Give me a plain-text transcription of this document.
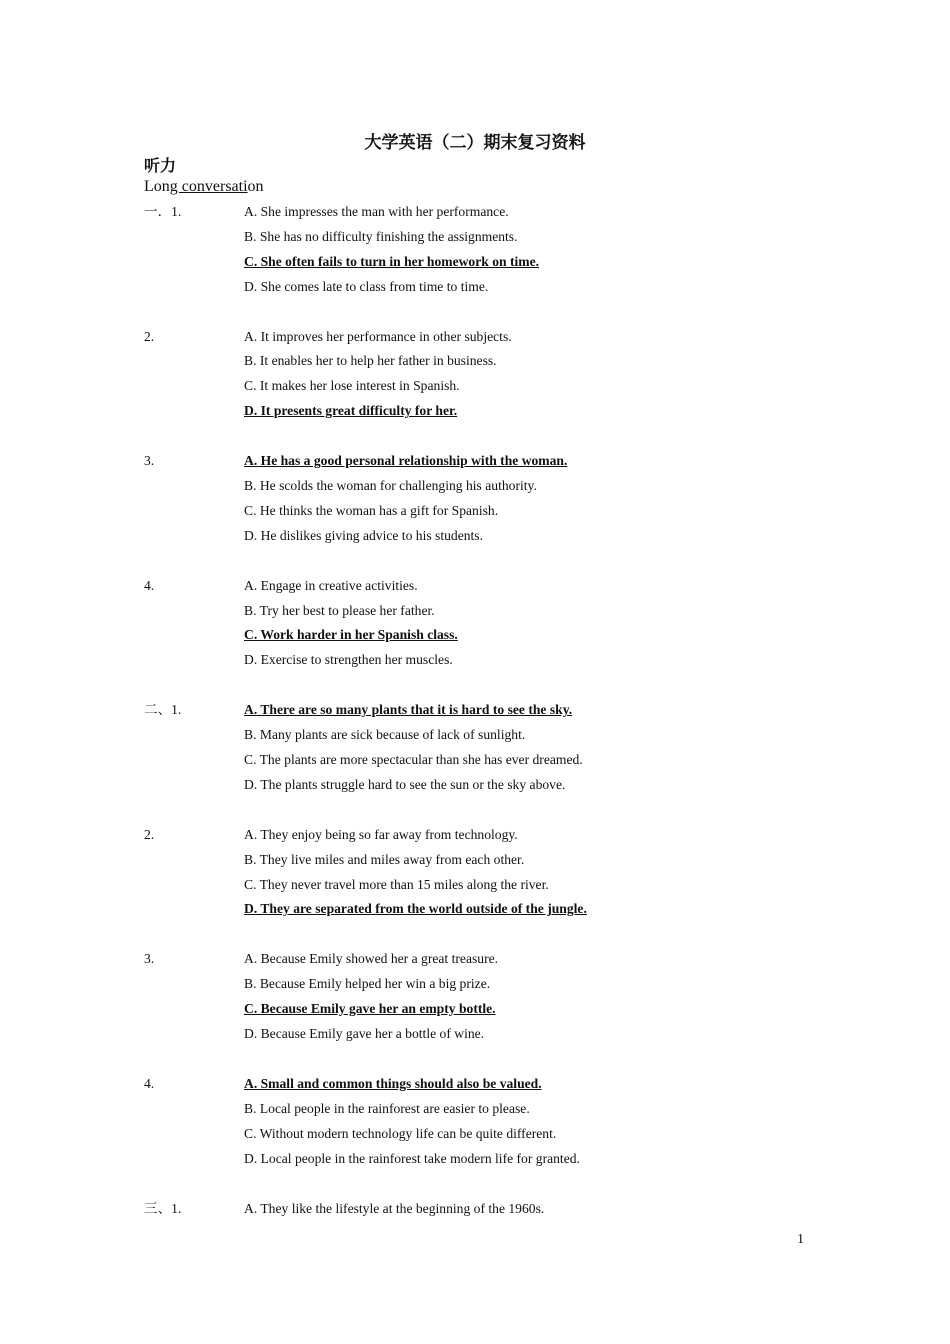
大学英语（二）期末复习资料
听力
Long conversation
一．1.	A. She impresses the man with her performance.
B. She has no difficulty finishing the assignments.
C. She often fails to turn in her homework on time.
D. She comes late to class from time to time.
2.	A. It improves her performance in other subjects.
B. It enables her to help her father in business.
C. It makes her lose interest in Spanish.
D. It presents great difficulty for her.
3.	A. He has a good personal relationship with the woman.
B. He scolds the woman for challenging his authority.
C. He thinks the woman has a gift for Spanish.
D. He dislikes giving advice to his students.
4.	A. Engage in creative activities.
B. Try her best to please her father.
C. Work harder in her Spanish class.
D. Exercise to strengthen her muscles.
二、1.	A. There are so many plants that it is hard to see the sky.
B. Many plants are sick because of lack of sunlight.
C. The plants are more spectacular than she has ever dreamed.
D. The plants struggle hard to see the sun or the sky above.
2.	A. They enjoy being so far away from technology.
B. They live miles and miles away from each other.
C. They never travel more than 15 miles along the river.
D. They are separated from the world outside of the jungle.
3.	A. Because Emily showed her a great treasure.
B. Because Emily helped her win a big prize.
C. Because Emily gave her an empty bottle.
D. Because Emily gave her a bottle of wine.
4.	A. Small and common things should also be valued.
B. Local people in the rainforest are easier to please.
C. Without modern technology life can be quite different.
D. Local people in the rainforest take modern life for granted.
三、1.	A. They like the lifestyle at the beginning of the 1960s.
1
